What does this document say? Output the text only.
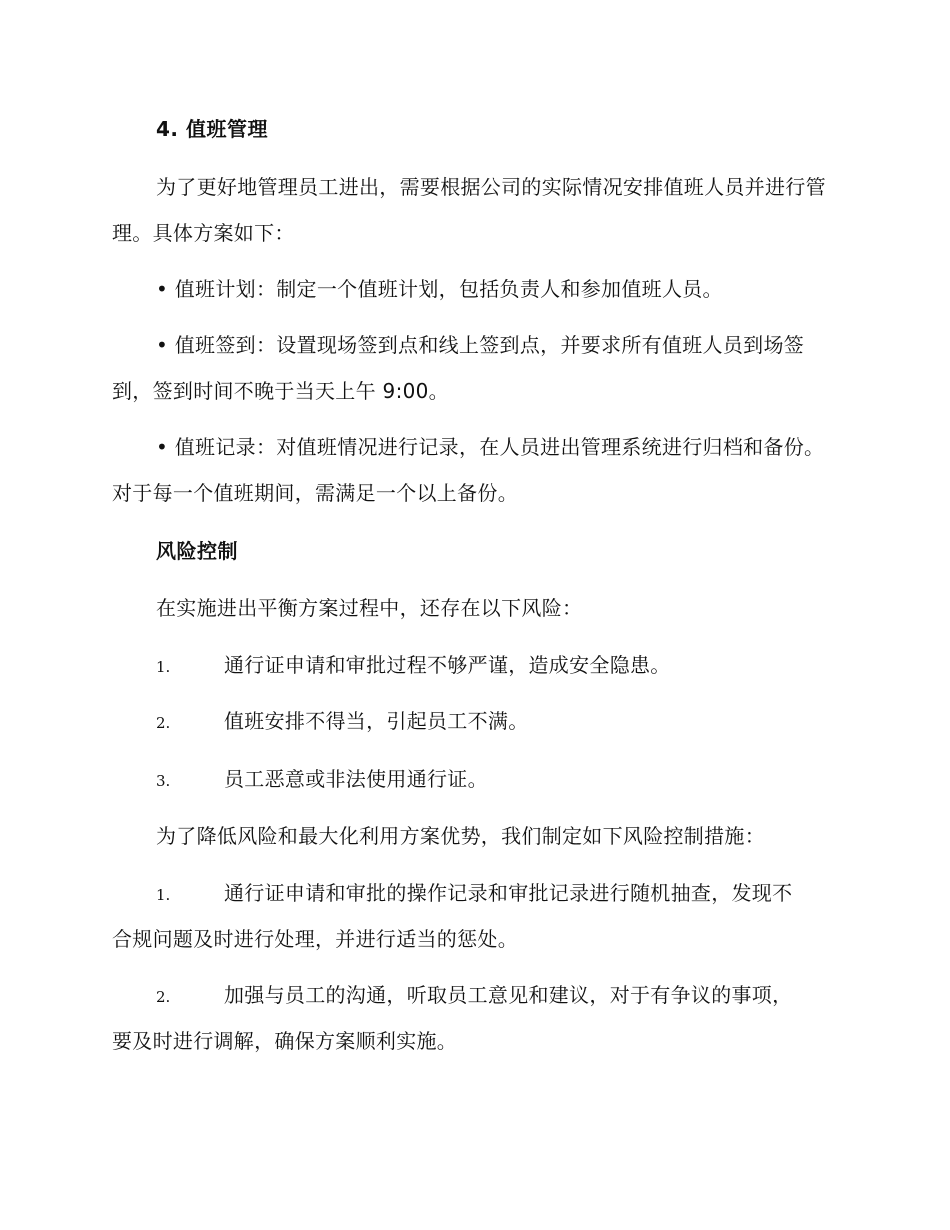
4. 值班管理

为了更好地管理员工进出，需要根据公司的实际情况安排值班人员并进行管理。具体方案如下：

• 值班计划：制定一个值班计划，包括负责人和参加值班人员。

• 值班签到：设置现场签到点和线上签到点，并要求所有值班人员到场签到，签到时间不晚于当天上午 9:00。

• 值班记录：对值班情况进行记录，在人员进出管理系统进行归档和备份。对于每一个值班期间，需满足一个以上备份。

风险控制
在实施进出平衡方案过程中，还存在以下风险：
1.	通行证申请和审批过程不够严谨，造成安全隐患。
2.	值班安排不得当，引起员工不满。
3.	员工恶意或非法使用通行证。
为了降低风险和最大化利用方案优势，我们制定如下风险控制措施：
1.	通行证申请和审批的操作记录和审批记录进行随机抽查，发现不
合规问题及时进行处理，并进行适当的惩处。
2.	加强与员工的沟通，听取员工意见和建议，对于有争议的事项，
要及时进行调解，确保方案顺利实施。
